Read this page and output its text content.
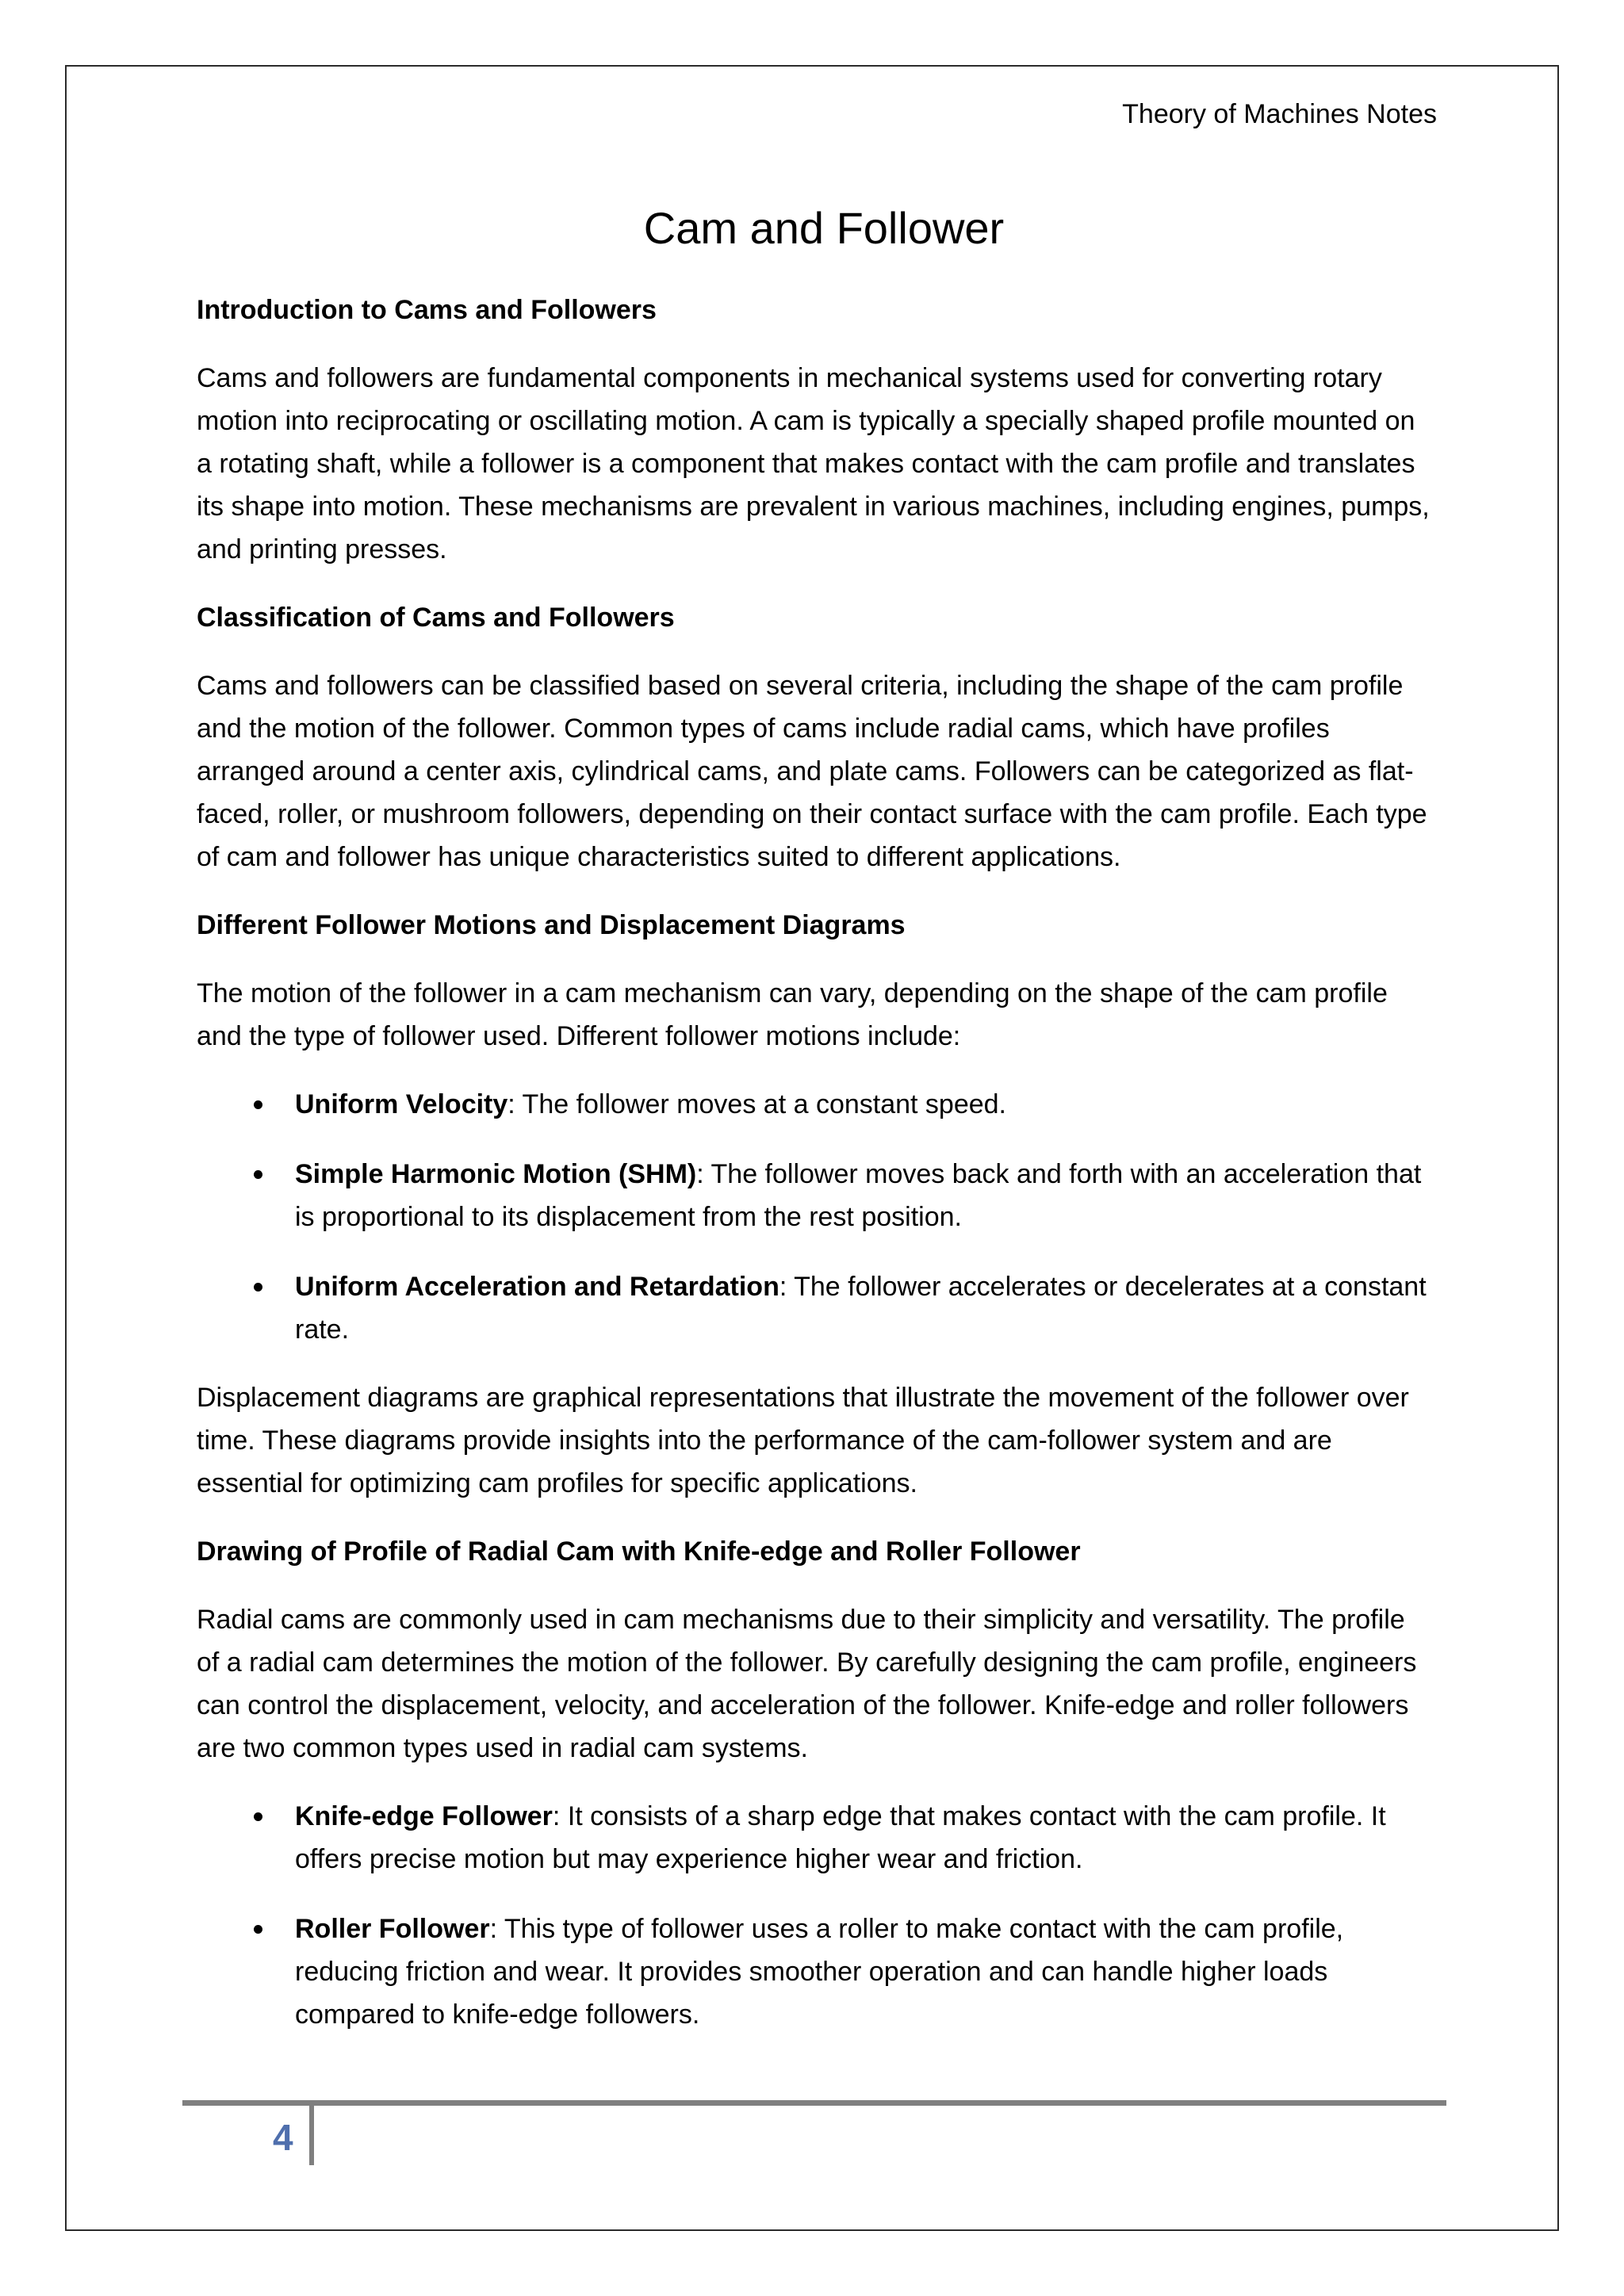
Theory of Machines Notes
Cam and Follower

Introduction to Cams and Followers

Cams and followers are fundamental components in mechanical systems used for converting rotary motion into reciprocating or oscillating motion. A cam is typically a specially shaped profile mounted on a rotating shaft, while a follower is a component that makes contact with the cam profile and translates its shape into motion. These mechanisms are prevalent in various machines, including engines, pumps, and printing presses.

Classification of Cams and Followers

Cams and followers can be classified based on several criteria, including the shape of the cam profile and the motion of the follower. Common types of cams include radial cams, which have profiles arranged around a center axis, cylindrical cams, and plate cams. Followers can be categorized as flat-faced, roller, or mushroom followers, depending on their contact surface with the cam profile. Each type of cam and follower has unique characteristics suited to different applications.

Different Follower Motions and Displacement Diagrams

The motion of the follower in a cam mechanism can vary, depending on the shape of the cam profile and the type of follower used. Different follower motions include:

Uniform Velocity: The follower moves at a constant speed.
Simple Harmonic Motion (SHM): The follower moves back and forth with an acceleration that is proportional to its displacement from the rest position.
Uniform Acceleration and Retardation: The follower accelerates or decelerates at a constant rate.

Displacement diagrams are graphical representations that illustrate the movement of the follower over time. These diagrams provide insights into the performance of the cam-follower system and are essential for optimizing cam profiles for specific applications.

Drawing of Profile of Radial Cam with Knife-edge and Roller Follower

Radial cams are commonly used in cam mechanisms due to their simplicity and versatility. The profile of a radial cam determines the motion of the follower. By carefully designing the cam profile, engineers can control the displacement, velocity, and acceleration of the follower. Knife-edge and roller followers are two common types used in radial cam systems.

Knife-edge Follower: It consists of a sharp edge that makes contact with the cam profile. It offers precise motion but may experience higher wear and friction.
Roller Follower: This type of follower uses a roller to make contact with the cam profile, reducing friction and wear. It provides smoother operation and can handle higher loads compared to knife-edge followers.
4
